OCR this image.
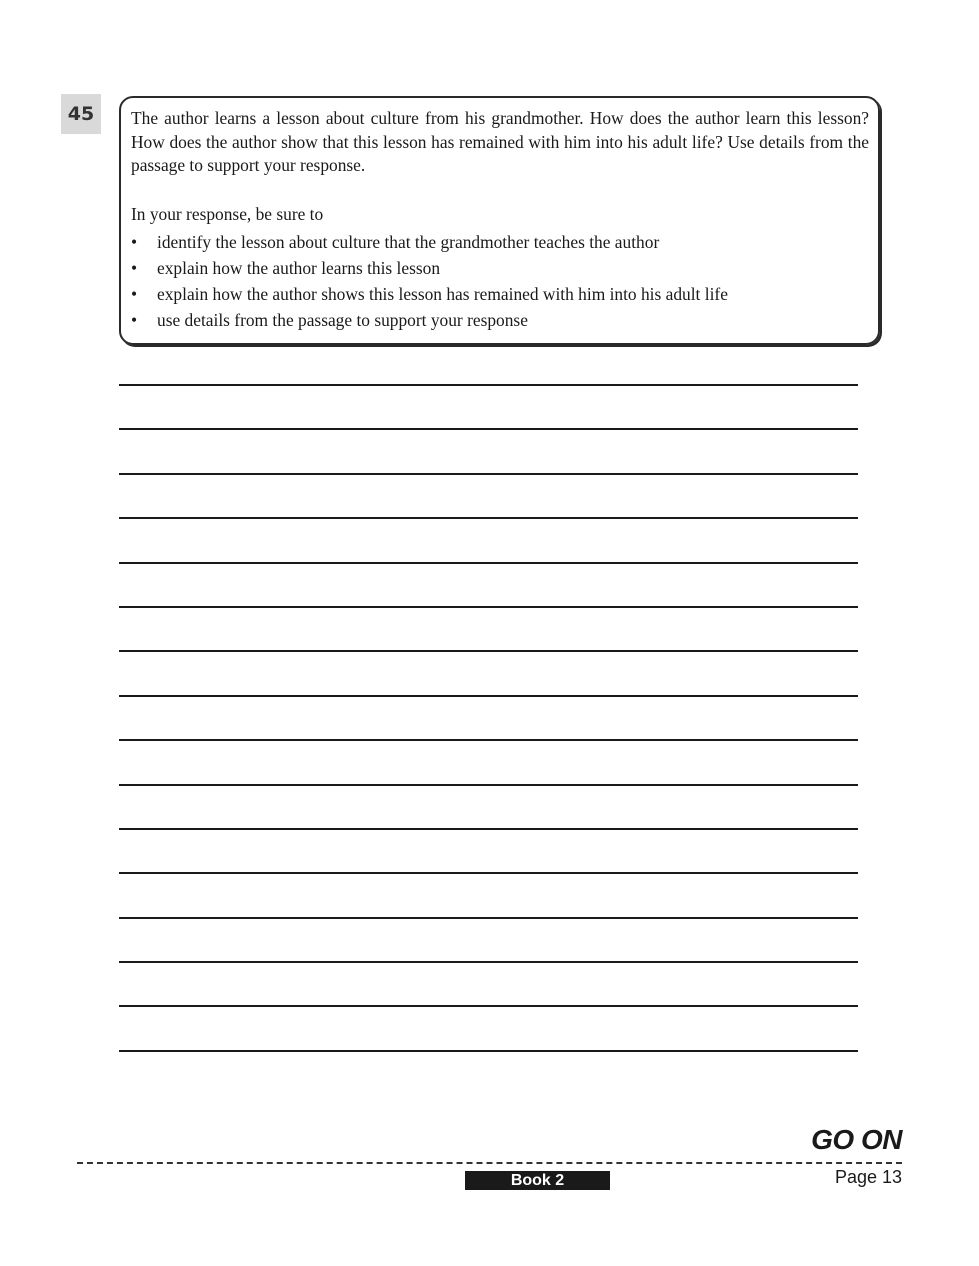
45	The author learns a lesson about culture from his grandmother. How does the author learn this lesson? How does the author show that this lesson has remained with him into his adult life? Use details from the passage to support your response.

In your response, be sure to

• identify the lesson about culture that the grandmother teaches the author
• explain how the author learns this lesson
• explain how the author shows this lesson has remained with him into his adult life
• use details from the passage to support your response
GO ON
Book 2	Page 13
